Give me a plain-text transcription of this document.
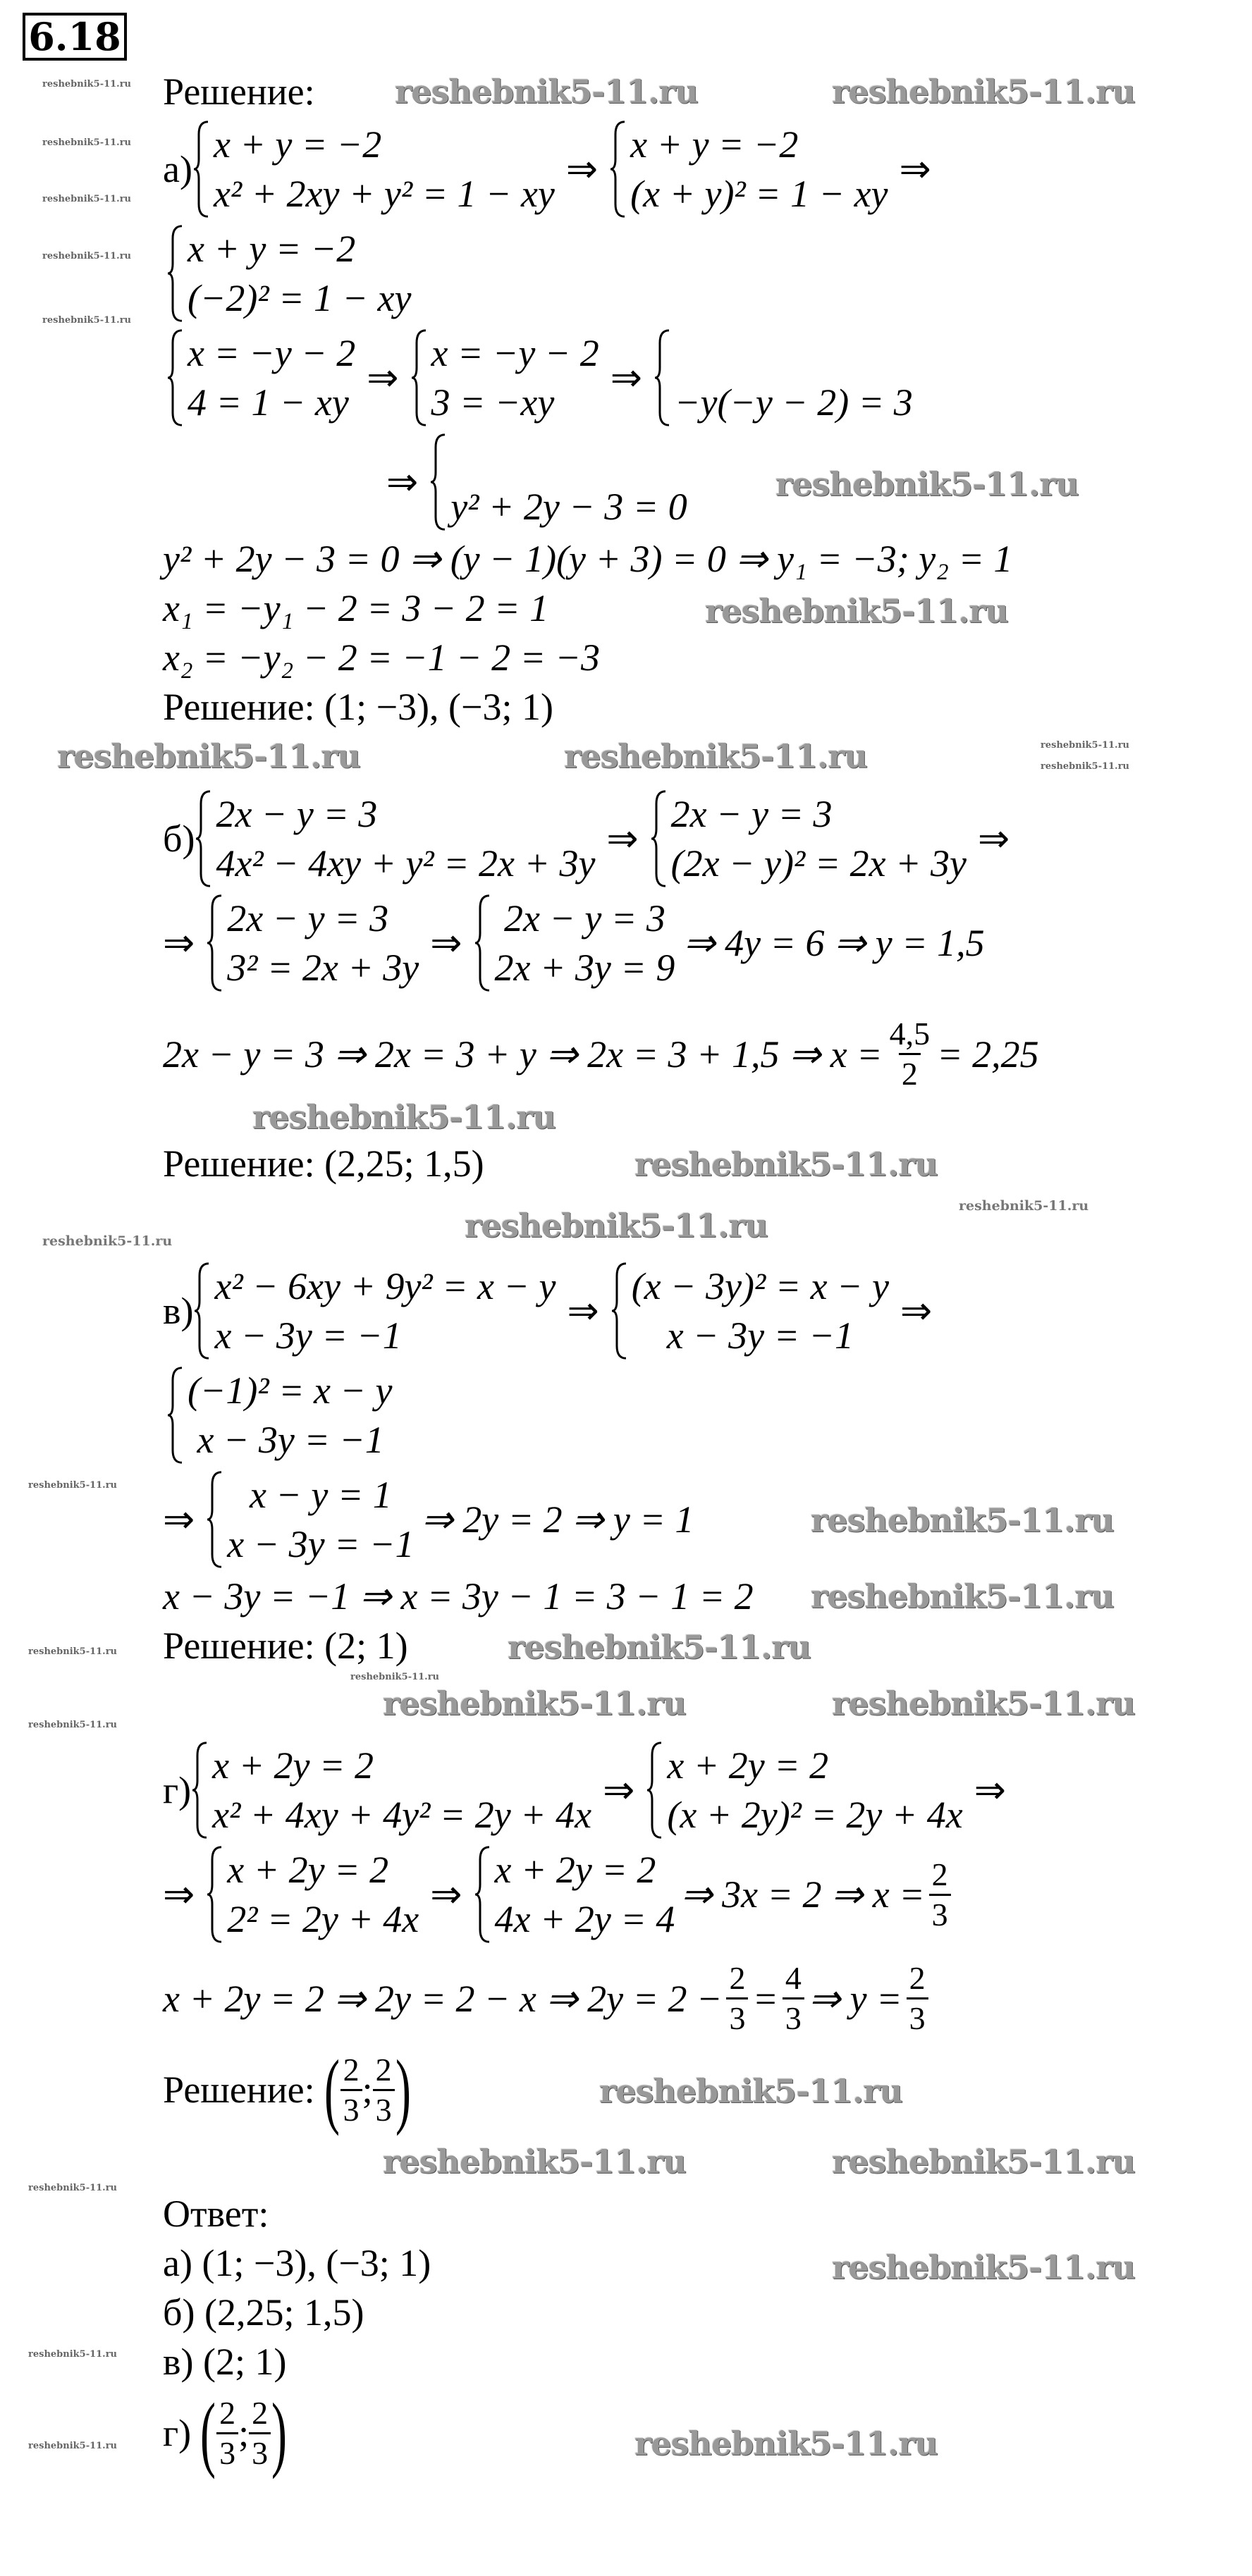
6.18
Решение:
а)
x + y = −2
x² + 2xy + y² = 1 − xy
⇒
x + y = −2
(x + y)² = 1 − xy
⇒
x + y = −2
(−2)² = 1 − xy
x = −y − 2
4 = 1 − xy
⇒
x = −y − 2
3 = −xy
⇒
−y(−y − 2) = 3
⇒
y² + 2y − 3 = 0
y² + 2y − 3 = 0 ⇒ (y − 1)(y + 3) = 0 ⇒ y₁ = −3; y₂ = 1
x₁ = −y₁ − 2 = 3 − 2 = 1
x₂ = −y₂ − 2 = −1 − 2 = −3
Решение: (1; −3), (−3; 1)
б)
2x − y = 3
4x² − 4xy + y² = 2x + 3y
⇒
2x − y = 3
(2x − y)² = 2x + 3y
⇒
⇒
2x − y = 3
3² = 2x + 3y
⇒
2x − y = 3
2x + 3y = 9
⇒ 4y = 6 ⇒ y = 1,5
2x − y = 3 ⇒ 2x = 3 + y ⇒ 2x = 3 + 1,5 ⇒ $x = \frac{4,5}{2} = 2,25$
Решение: (2,25; 1,5)
в)
x² − 6xy + 9y² = x − y
x − 3y = −1
⇒
(x − 3y)² = x − y
x − 3y = −1
⇒
(−1)² = x − y
x − 3y = −1
⇒
x − y = 1
x − 3y = −1
⇒ 2y = 2 ⇒ y = 1
x − 3y = −1 ⇒ x = 3y − 1 = 3 − 1 = 2
Решение: (2; 1)
г)
x + 2y = 2
x² + 4xy + 4y² = 2y + 4x
⇒
x + 2y = 2
(x + 2y)² = 2y + 4x
⇒
⇒
x + 2y = 2
2² = 2y + 4x
⇒
x + 2y = 2
4x + 2y = 4
⇒ 3x = 2 ⇒ $x = \frac{2}{3}$
x + 2y = 2 ⇒ 2y = 2 − x ⇒ $2y = 2 - \frac{2}{3} = \frac{4}{3}$ ⇒ $y = \frac{2}{3}$
Решение: ( $\frac{2}{3}$ ; $\frac{2}{3}$ )
Ответ:
а) (1; −3), (−3; 1)
б) (2,25; 1,5)
в) (2; 1)
г) ( $\frac{2}{3}$ ; $\frac{2}{3}$ )
reshebnik5-11.ru	reshebnik5-11.ru
reshebnik5-11.ru	reshebnik5-11.ru
reshebnik5-11.ru
reshebnik5-11.ru
reshebnik5-11.ru
reshebnik5-11.ru
reshebnik5-11.ru
reshebnik5-11.ru
reshebnik5-11.ru
reshebnik5-11.ru
reshebnik5-11.ru	reshebnik5-11.ru
reshebnik5-11.ru
reshebnik5-11.ru	reshebnik5-11.ru
reshebnik5-11.ru
reshebnik5-11.ru
reshebnik5-11.ru
reshebnik5-11.ru
reshebnik5-11.ru
reshebnik5-11.ru
reshebnik5-11.ru
reshebnik5-11.ru
reshebnik5-11.ru
reshebnik5-11.ru
reshebnik5-11.ru
reshebnik5-11.ru
reshebnik5-11.ru
reshebnik5-11.ru
reshebnik5-11.ru
reshebnik5-11.ru
reshebnik5-11.ru
reshebnik5-11.ru
